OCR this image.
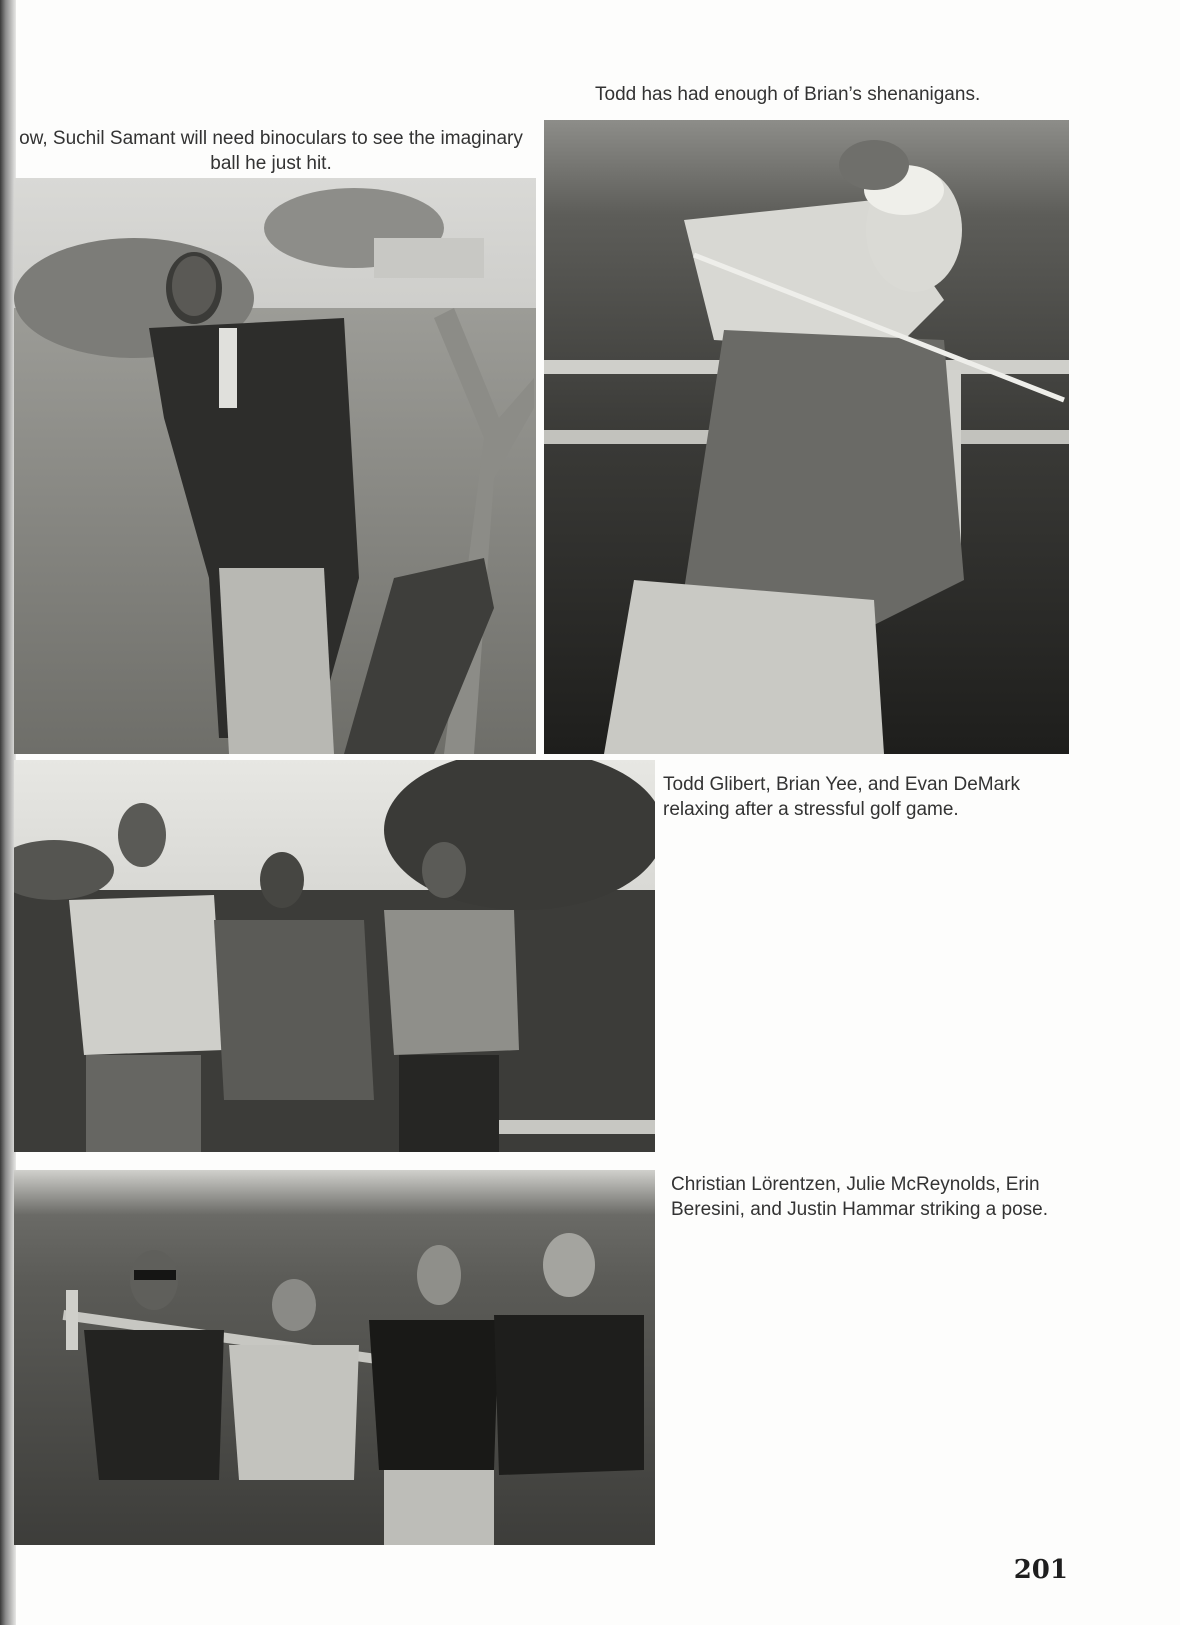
Todd has had enough of Brian’s shenanigans.
ow, Suchil Samant will need binoculars to see the imaginary ball he just hit.
Todd Glibert, Brian Yee, and Evan DeMark relaxing after a stressful golf game.
Christian Lörentzen, Julie McReynolds, Erin Beresini, and Justin Hammar striking a pose.
201
